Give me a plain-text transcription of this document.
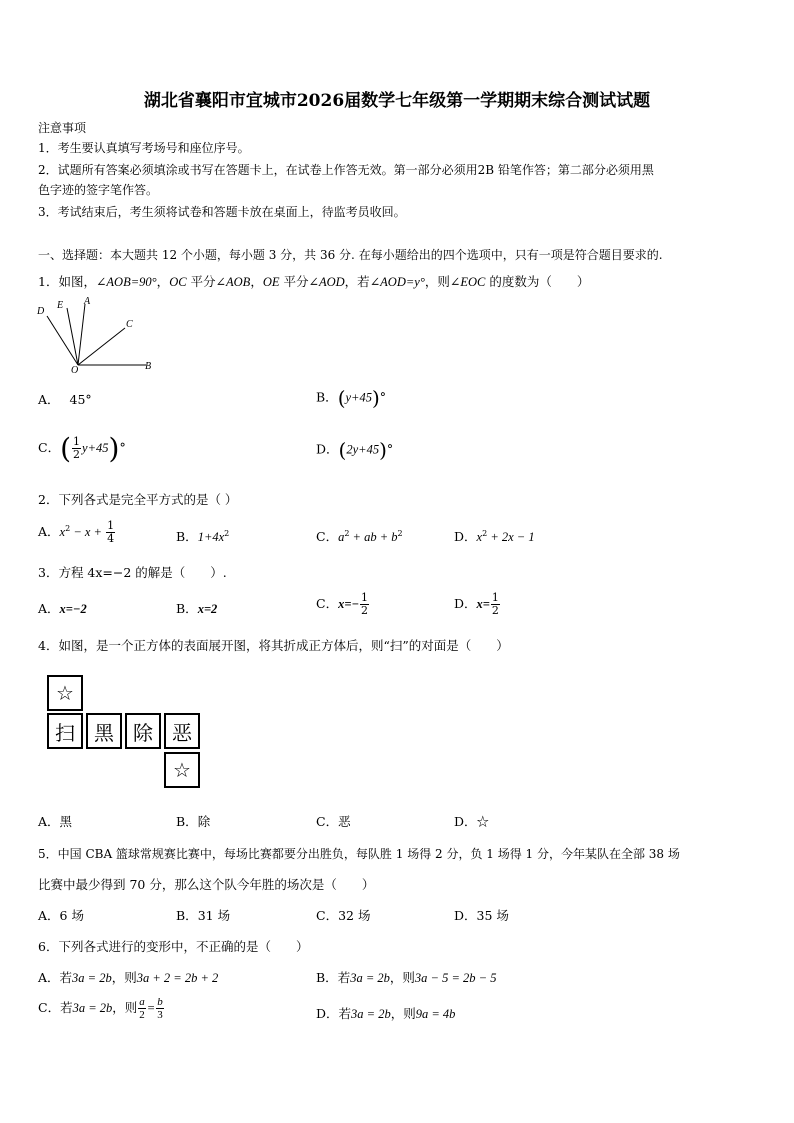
湖北省襄阳市宜城市2026届数学七年级第一学期期末综合测试试题
注意事项
1．考生要认真填写考场号和座位序号。
2．试题所有答案必须填涂或书写在答题卡上，在试卷上作答无效。第一部分必须用2B 铅笔作答；第二部分必须用黑
色字迹的签字笔作答。
3．考试结束后，考生须将试卷和答题卡放在桌面上，待监考员收回。
一、选择题：本大题共 12 个小题，每小题 3 分，共 36 分. 在每小题给出的四个选项中，只有一项是符合题目要求的.
1．如图，∠AOB=90°，OC 平分∠AOB，OE 平分∠AOD，若∠AOD=y°，则∠EOC 的度数为（　　）
D
E A
C
O	B
A． 45°	B．(y+45)°
C．( $\frac{1}{2} y+45)^\circ$	D．(2y+45)°
2．下列各式是完全平方式的是（ ）
A．$x^2 - x + \frac{1}{4}$	B．$1+4x^2$	C．$a^2$ + ab + $b^2$	D．$x^2 + 2x - 1$
3．方程 4x=−2 的解是（　　）.
A．x=−2	B．x=2	C．$x=- \frac{1}{2}$	D．$x= \frac{1}{2}$
4．如图，是一个正方体的表面展开图，将其折成正方体后，则“扫”的对面是（　　）
☆
扫 黑 除 恶
☆
A．黑	B．除	C．恶	D．☆
5．中国 CBA 篮球常规赛比赛中，每场比赛都要分出胜负，每队胜 1 场得 2 分，负 1 场得 1 分，今年某队在全部 38 场
比赛中最少得到 70 分，那么这个队今年胜的场次是（　　）
A．6 场	B．31 场	C．32 场	D．35 场
6．下列各式进行的变形中，不正确的是（　　）
A．若3a = 2b，则3a + 2 = 2b + 2	B．若3a = 2b，则3a − 5 = 2b − 5
C．若3a = 2b，则 $\frac{a}{2} = \frac{b}{3}$	D．若3a = 2b，则9a = 4b
